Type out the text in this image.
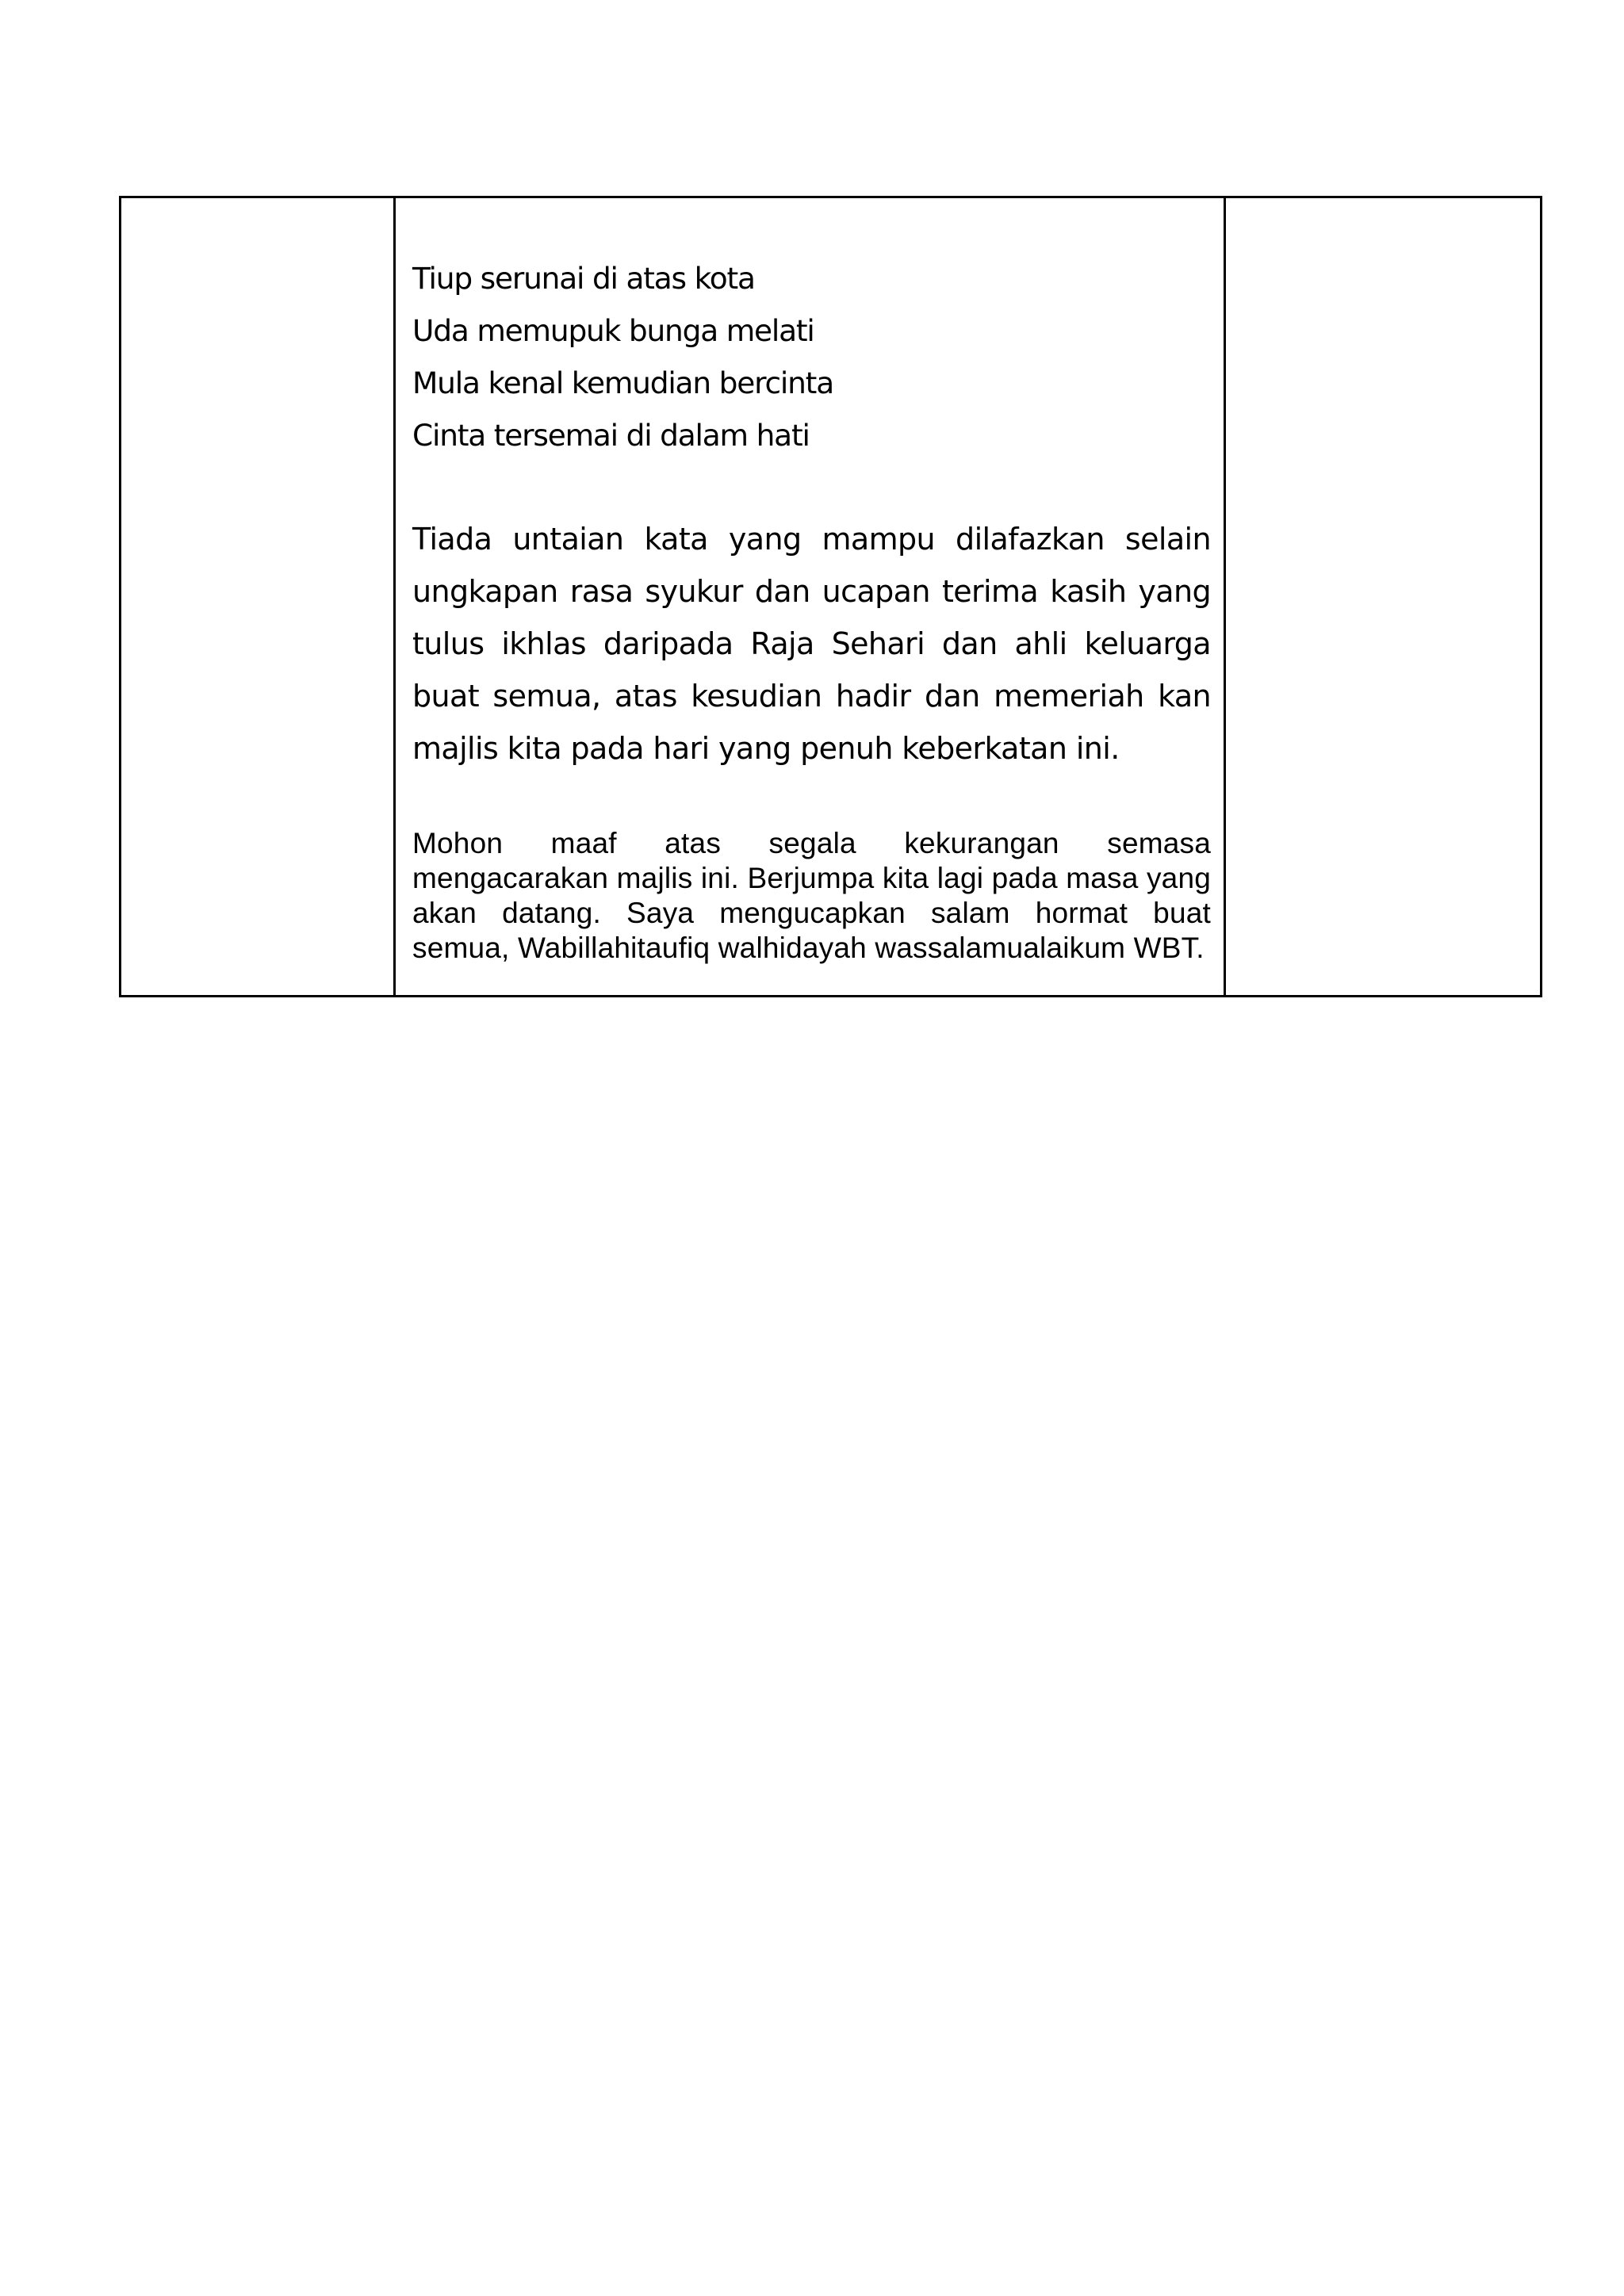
Tiup serunai di atas kota
Uda memupuk bunga melati
Mula kenal kemudian bercinta
Cinta tersemai di dalam hati

Tiada untaian kata yang mampu dilafazkan selain ungkapan rasa syukur dan ucapan terima kasih yang tulus ikhlas daripada Raja Sehari dan ahli keluarga buat semua, atas kesudian hadir dan memeriah kan majlis kita pada hari yang penuh keberkatan ini.

Mohon maaf atas segala kekurangan semasa mengacarakan majlis ini. Berjumpa kita lagi pada masa yang akan datang. Saya mengucapkan salam hormat buat semua, Wabillahitaufiq walhidayah wassalamualaikum WBT.
